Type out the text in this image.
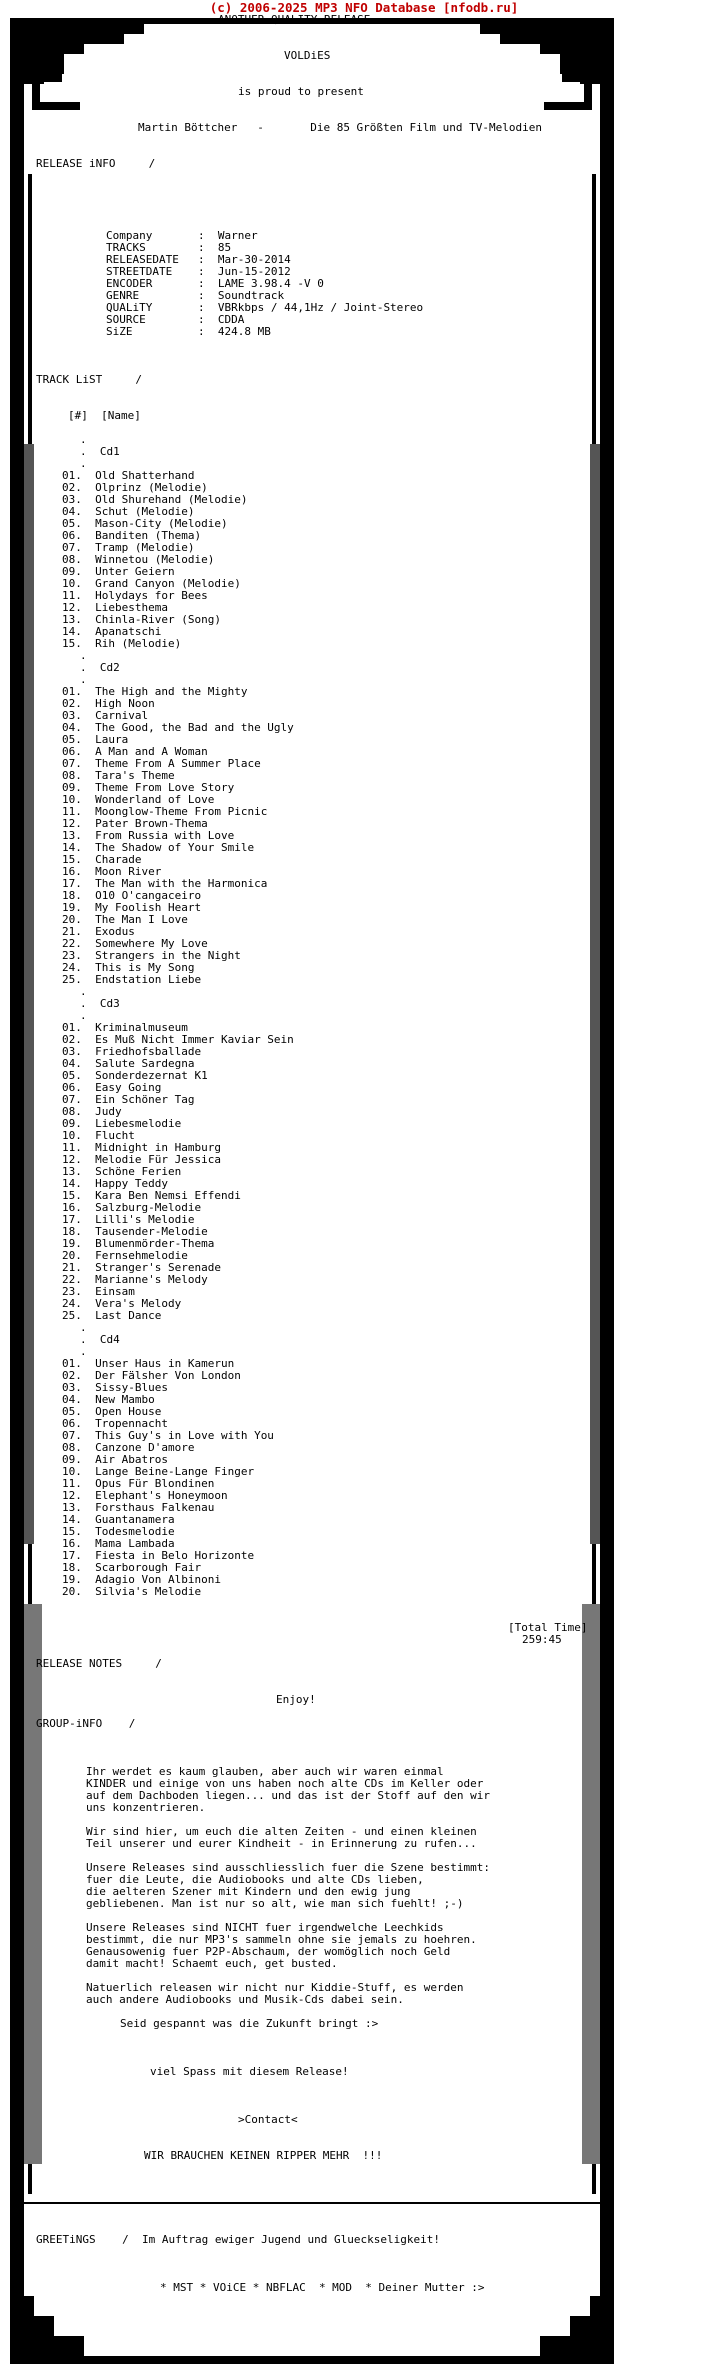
(c) 2006-2025 MP3 NFO Database [nfodb.ru]
ANOTHER QUALITY RELEASE

VOLDiES

is proud to present

Martin Böttcher   -	Die 85 Größten Film und TV-Melodien

RELEASE iNFO     /

Company	:  Warner
TRACKS	:  85
RELEASEDATE :  Mar-30-2014
STREETDATE :  Jun-15-2012
ENCODER	:  LAME 3.98.4 -V 0
GENRE	:  Soundtrack
QUALiTY	:  VBRkbps / 44,1Hz / Joint-Stereo
SOURCE	:  CDDA
SiZE	:  424.8 MB

TRACK LiST     /

[#] [Name]

.
.  Cd1
.
01.  Old Shatterhand
02.  Olprinz (Melodie)
03.  Old Shurehand (Melodie)
04.  Schut (Melodie)
05.  Mason-City (Melodie)
06.  Banditen (Thema)
07.  Tramp (Melodie)
08.  Winnetou (Melodie)
09.  Unter Geiern
10.  Grand Canyon (Melodie)
11.  Holydays for Bees
12.  Liebesthema
13.  Chinla-River (Song)
14.  Apanatschi
15.  Rih (Melodie)
.
.  Cd2
.
01.  The High and the Mighty
02.  High Noon
03.  Carnival
04.  The Good, the Bad and the Ugly
05.  Laura
06.  A Man and A Woman
07.  Theme From A Summer Place
08.  Tara's Theme
09.  Theme From Love Story
10.  Wonderland of Love
11.  Moonglow-Theme From Picnic
12.  Pater Brown-Thema
13.  From Russia with Love
14.  The Shadow of Your Smile
15.  Charade
16.  Moon River
17.  The Man with the Harmonica
18.  O10 O'cangaceiro
19.  My Foolish Heart
20.  The Man I Love
21.  Exodus
22.  Somewhere My Love
23.  Strangers in the Night
24.  This is My Song
25.  Endstation Liebe
.
.  Cd3
.
01.  Kriminalmuseum
02.  Es Muß Nicht Immer Kaviar Sein
03.  Friedhofsballade
04.  Salute Sardegna
05.  Sonderdezernat K1
06.  Easy Going
07.  Ein Schöner Tag
08.  Judy
09.  Liebesmelodie
10.  Flucht
11.  Midnight in Hamburg
12.  Melodie Für Jessica
13.  Schöne Ferien
14.  Happy Teddy
15.  Kara Ben Nemsi Effendi
16.  Salzburg-Melodie
17.  Lilli's Melodie
18.  Tausender-Melodie
19.  Blumenmörder-Thema
20.  Fernsehmelodie
21.  Stranger's Serenade
22.  Marianne's Melody
23.  Einsam
24.  Vera's Melody
25.  Last Dance
.
.  Cd4
.
01.  Unser Haus in Kamerun
02.  Der Fälsher Von London
03.  Sissy-Blues
04.  New Mambo
05.  Open House
06.  Tropennacht
07.  This Guy's in Love with You
08.  Canzone D'amore
09.  Air Abatros
10.  Lange Beine-Lange Finger
11.  Opus Für Blondinen
12.  Elephant's Honeymoon
13.  Forsthaus Falkenau
14.  Guantanamera
15.  Todesmelodie
16.  Mama Lambada
17.  Fiesta in Belo Horizonte
18.  Scarborough Fair
19.  Adagio Von Albinoni
20.  Silvia's Melodie

[Total Time]
259:45

RELEASE NOTES     /

Enjoy!

GROUP-iNFO    /

Ihr werdet es kaum glauben, aber auch wir waren einmal
KINDER und einige von uns haben noch alte CDs im Keller oder
auf dem Dachboden liegen... und das ist der Stoff auf den wir
uns konzentrieren.

Wir sind hier, um euch die alten Zeiten - und einen kleinen
Teil unserer und eurer Kindheit - in Erinnerung zu rufen...

Unsere Releases sind ausschliesslich fuer die Szene bestimmt:
fuer die Leute, die Audiobooks und alte CDs lieben,
die aelteren Szener mit Kindern und den ewig jung
gebliebenen. Man ist nur so alt, wie man sich fuehlt! ;-)

Unsere Releases sind NICHT fuer irgendwelche Leechkids
bestimmt, die nur MP3's sammeln ohne sie jemals zu hoehren.
Genausowenig fuer P2P-Abschaum, der womöglich noch Geld
damit macht! Schaemt euch, get busted.

Natuerlich releasen wir nicht nur Kiddie-Stuff, es werden
auch andere Audiobooks und Musik-Cds dabei sein.

Seid gespannt was die Zukunft bringt :>

viel Spass mit diesem Release!

>Contact<

WIR BRAUCHEN KEINEN RIPPER MEHR  !!!

GREETiNGS    /  Im Auftrag ewiger Jugend und Glueckseligkeit!

* MST * VOiCE * NBFLAC  * MOD  * Deiner Mutter :>
